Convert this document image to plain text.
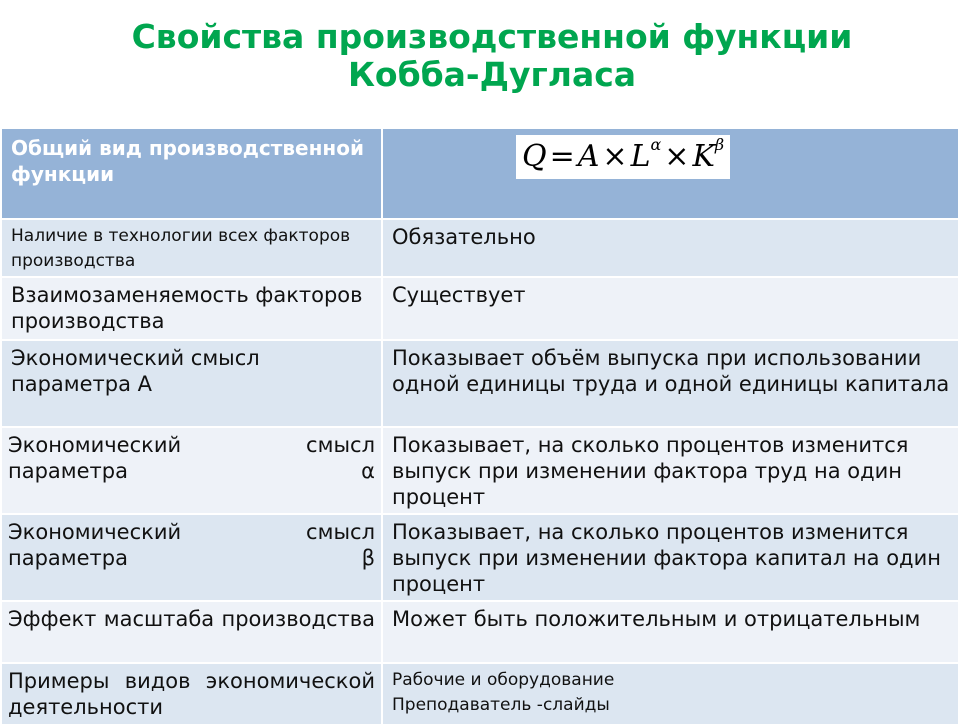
Свойства производственной функции
Кобба-Дугласа
Общий вид производственной функции	$Q = A \times L^\alpha \times K^\beta$
Наличие в технологии всех факторов производства	Обязательно
Взаимозаменяемость факторов производства	Существует
Экономический смысл параметра A	Показывает объём выпуска при использовании одной единицы труда и одной единицы капитала
Экономический смысл параметра α	Показывает, на сколько процентов изменится выпуск при изменении фактора труд на один процент
Экономический смысл параметра β	Показывает, на сколько процентов изменится выпуск при изменении фактора капитал на один процент
Эффект масштаба производства	Может быть положительным и отрицательным
Примеры видов экономической деятельности	Рабочие и оборудование
Преподаватель -слайды
